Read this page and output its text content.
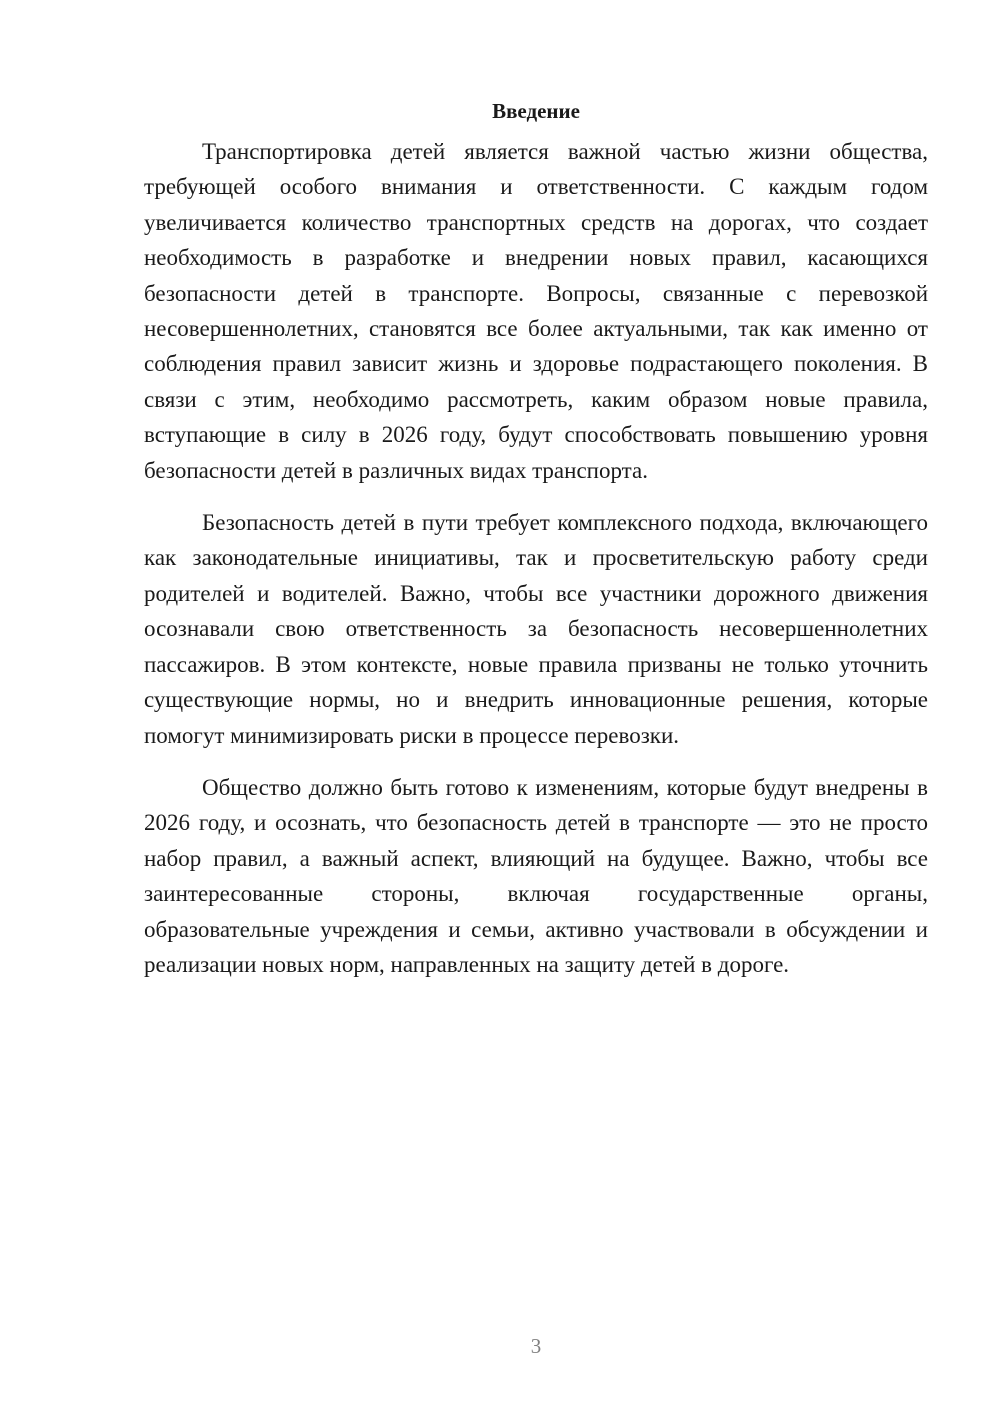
Введение

Транспортировка детей является важной частью жизни общества, требующей особого внимания и ответственности. С каждым годом увеличивается количество транспортных средств на дорогах, что создает необходимость в разработке и внедрении новых правил, касающихся безопасности детей в транспорте. Вопросы, связанные с перевозкой несовершеннолетних, становятся все более актуальными, так как именно от соблюдения правил зависит жизнь и здоровье подрастающего поколения. В связи с этим, необходимо рассмотреть, каким образом новые правила, вступающие в силу в 2026 году, будут способствовать повышению уровня безопасности детей в различных видах транспорта.

Безопасность детей в пути требует комплексного подхода, включающего как законодательные инициативы, так и просветительскую работу среди родителей и водителей. Важно, чтобы все участники дорожного движения осознавали свою ответственность за безопасность несовершеннолетних пассажиров. В этом контексте, новые правила призваны не только уточнить существующие нормы, но и внедрить инновационные решения, которые помогут минимизировать риски в процессе перевозки.

Общество должно быть готово к изменениям, которые будут внедрены в 2026 году, и осознать, что безопасность детей в транспорте — это не просто набор правил, а важный аспект, влияющий на будущее. Важно, чтобы все заинтересованные стороны, включая государственные органы, образовательные учреждения и семьи, активно участвовали в обсуждении и реализации новых норм, направленных на защиту детей в дороге.

3
